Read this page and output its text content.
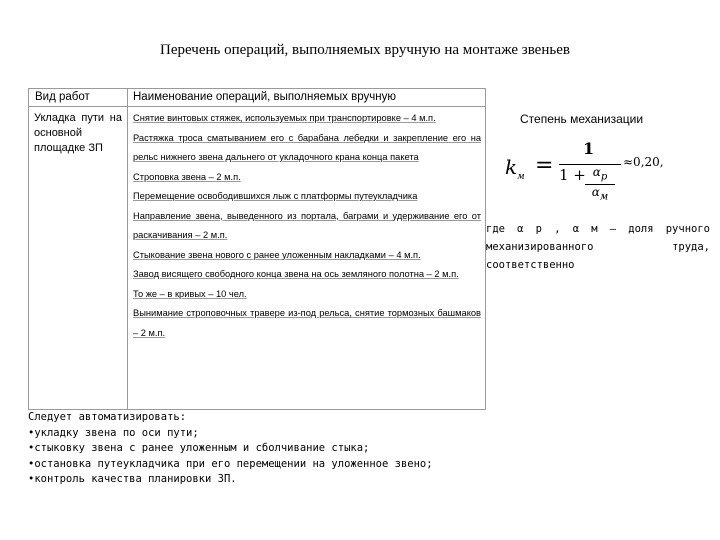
Перечень операций, выполняемых вручную на монтаже звеньев
Вид работ	Наименование операций, выполняемых вручную
Укладка пути на основной площадке ЗП
Снятие винтовых стяжек, используемых при транспортировке – 4 м.п.
Растяжка троса сматыванием его с барабана лебедки и закрепление его на рельс нижнего звена дальнего от укладочного крана конца пакета
Строповка звена – 2 м.п.
Перемещение освободившихся лыж с платформы путеукладчика
Направление звена, выведенного из портала, баграми и удерживание его от раскачивания – 2 м.п.
Стыкование звена нового с ранее уложенным накладками – 4 м.п.
Завод висящего свободного конца звена на ось земляного полотна – 2 м.п.
То же – в кривых – 10 чел.
Вынимание строповочных травере из-под рельса, снятие тормозных башмаков – 2 м.п.
Степень механизации
$k_м$ =
1
$1 + \alpha_р$
$\alpha_м$
≈0,20,
где α р , α м – доля ручного
механизированного труда,
соответственно
Следует автоматизировать:
•укладку звена по оси пути;
•стыковку звена с ранее уложенным и сболчивание стыка;
•остановка путеукладчика при его перемещении на уложенное звено;
•контроль качества планировки ЗП.
